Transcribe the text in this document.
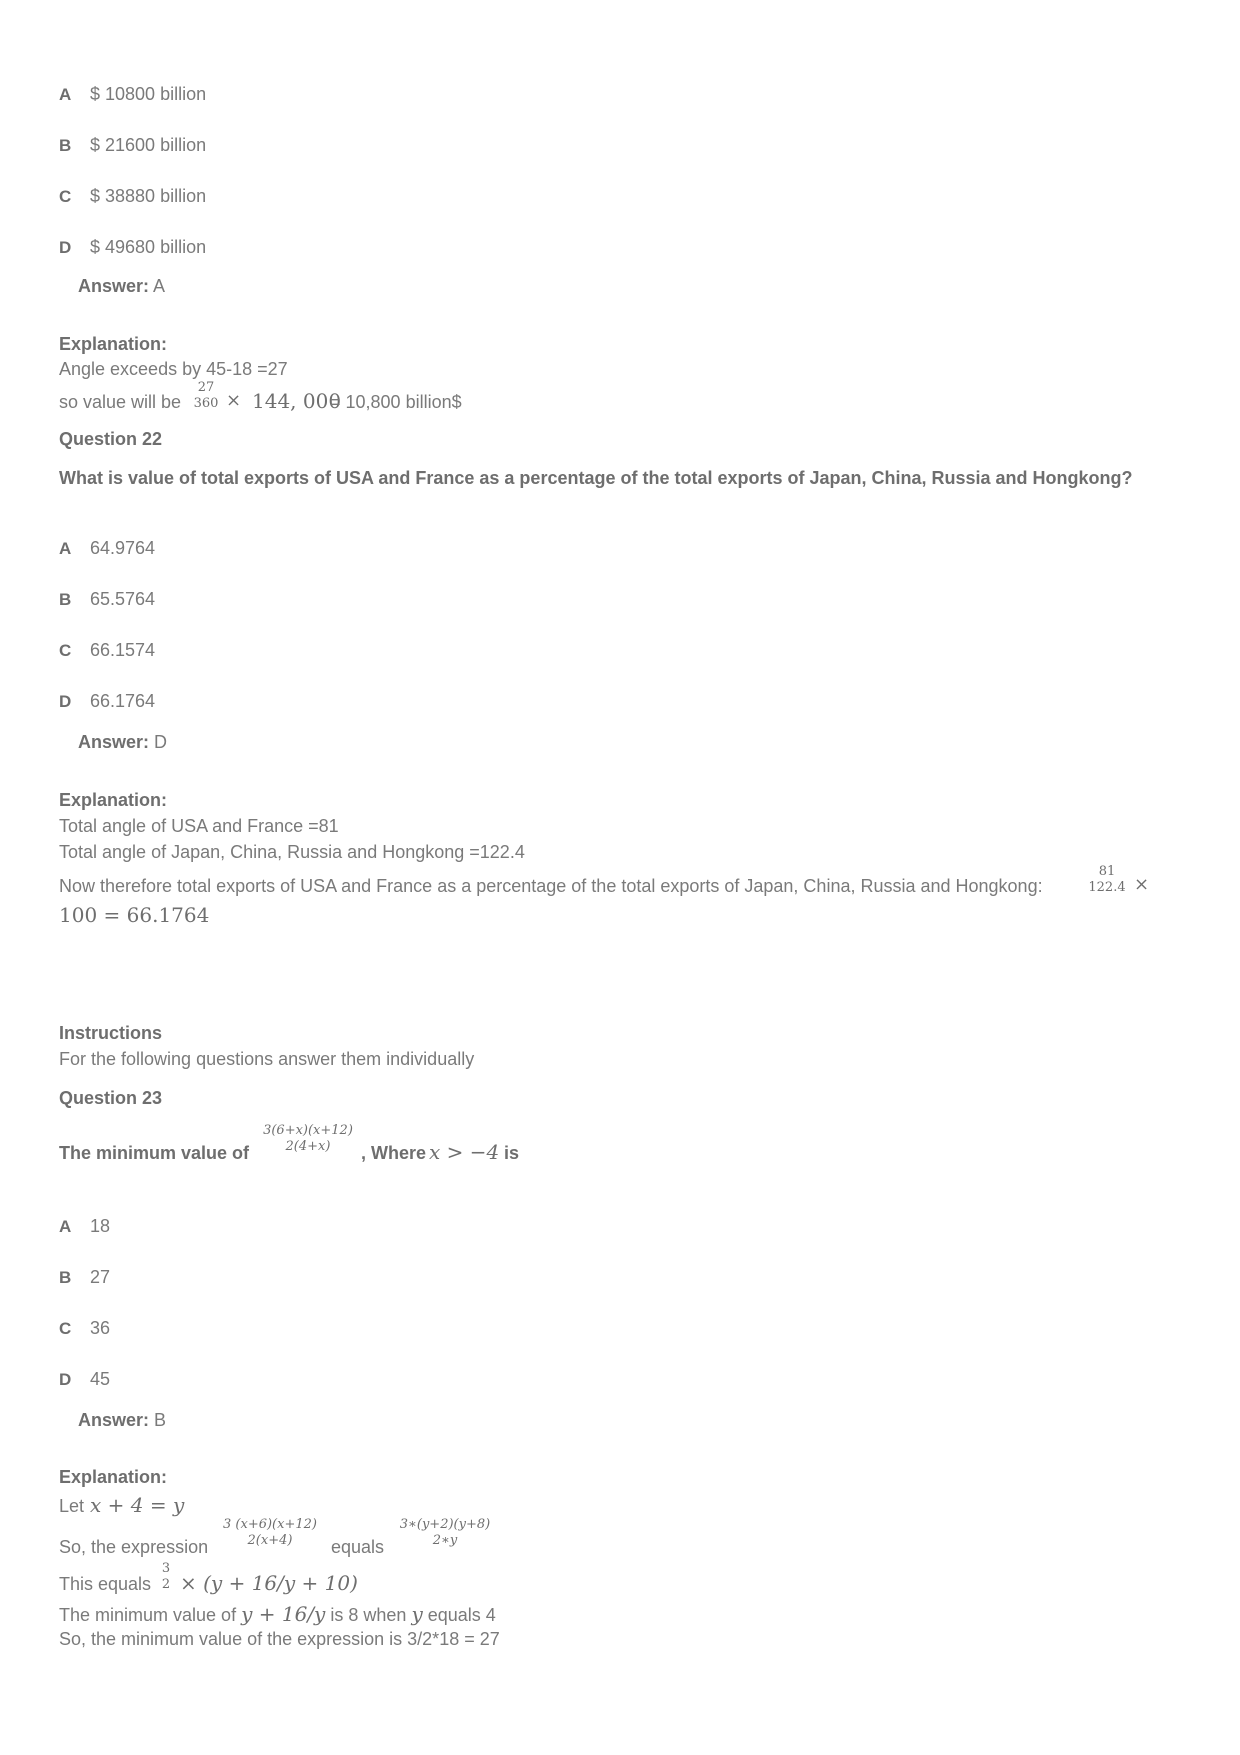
A $ 10800 billion
B $ 21600 billion
C $ 38880 billion
D $ 49680 billion
Answer: A
Explanation:
Angle exceeds by 45-18 =27
so value will be
27
360 × 144, 000
= 10,800 billion$
Question 22
What is value of total exports of USA and France as a percentage of the total exports of Japan, China, Russia and Hongkong?
A 64.9764
B 65.5764
C 66.1574
D 66.1764
Answer: D
Explanation:
Total angle of USA and France =81
Total angle of Japan, China, Russia and Hongkong =122.4
Now therefore total exports of USA and France as a percentage of the total exports of Japan, China, Russia and Hongkong:
81
122.4 ×
100 = 66.1764
Instructions
For the following questions answer them individually
Question 23
The minimum value of
3(6+x)(x+12)
2(4+x)	, Where x > −4 is
A 18
B 27
C 36
D 45
Answer: B
Explanation:
Let x + 4 = y
So, the expression
3 (x+6)(x+12)
2(x+4)	equals
3∗(y+2)(y+8)
2∗y
This equals
3
2 × (y + 16/y + 10)
The minimum value of y + 16/y is 8 when y equals 4
So, the minimum value of the expression is 3/2*18 = 27
